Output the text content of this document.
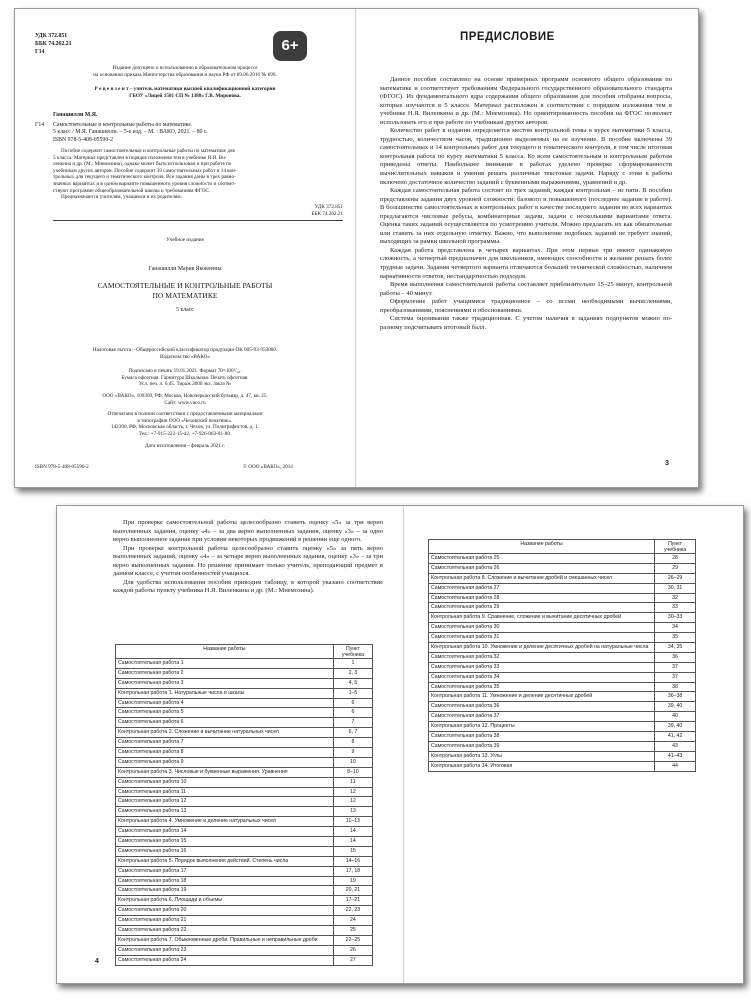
УДК 372.851
ББК 74.262.21
Г14	6+
Издание допущено к использованию в образовательном процессе
на основании приказа Министерства образования и науки РФ от 09.06.2016 № 699.
Р е ц е н з е н т – учитель математики высшей квалификационной категории
ГБОУ «Лицей 1501 СП № 1388» Г.В. Миронова.
Ганашилли М.Я.
Г14 Самостоятельные и контрольные работы по математике.
5 класс / М.Я. Ганашилли. – 5-е изд. – М. : ВАКО, 2021. – 80 с.
ISBN 978-5-408-05590-2
Пособие содержит самостоятельные и контрольные работы по математике для
5 класса. Материал представлен в порядке изложения тем в учебнике Н.Я. Ви-
ленкина и др. (М.: Мнемозина), однако может быть использован и при работе по
учебникам других авторов. Пособие содержит 39 самостоятельных работ и 14 кон-
трольных для текущего и тематического контроля. Все задания даны в трех равно-
значных вариантах и в одном варианте повышенного уровня сложности и соответ-
ствуют программе общеобразовательной школы и требованиям ФГОС.
Предназначается учителям, учащимся и их родителям.
УДК 372.851
ББК 74.262.21
Учебное издание
Ганашилли Мария Яковлевна
САМОСТОЯТЕЛЬНЫЕ И КОНТРОЛЬНЫЕ РАБОТЫ
ПО МАТЕМАТИКЕ
5 класс
Налоговая льгота – Общероссийский классификатор продукции ОК 005-93-953000.
Издательство «ВАКО»
Подписано в печать 19.01.2021. Формат 70×100¹/₁₆.
Бумага офсетная. Гарнитура Школьная. Печать офсетная.
Усл. печ. л. 6,45. Тираж 2000 экз. Заказ №
ООО «ВАКО». 109369, РФ, Москва, Новочеркасский бульвар, д. 47, кв. 25.
Сайт: www.vaco.ru
Отпечатано в полном соответствии с предоставленными материалами
в типографии ООО «Чеховский печатник».
142300, РФ, Московская область, г. Чехов, ул. Полиграфистов, д. 1.
Тел.: +7-915-222-15-42, +7-926-063-81-80.
Дата изготовления – февраль 2021 г.
ISBN 978-5-408-05590-2	© ООО «ВАКО», 2014
ПРЕДИСЛОВИЕ

Данное пособие составлено на основе примерных программ основного общего образования по математике и соответствует требованиям Федерального государственного образовательного стандарта (ФГОС). Из фундаментального ядра содержания общего образования для пособия отобраны вопросы, которые изучаются в 5 классе. Материал расположен в соответствии с порядком изложения тем в учебнике Н.Я. Виленкина и др. (М.: Мнемозина). Но ориентированность пособия на ФГОС позволяет использовать его и при работе по учебникам других авторов.

Количество работ в издании определяется местом контрольной темы в курсе математики 5 класса, трудностью, количеством часов, традиционно выделяемых на ее изучение. В пособие включены 39 самостоятельных и 14 контрольных работ для текущего и тематического контроля, в том числе итоговая контрольная работа по курсу математики 5 класса. Ко всем самостоятельным и контрольным работам приведены ответы. Наибольшее внимание в работах уделено проверке сформированности вычислительных навыков и умения решать различные текстовые задачи. Наряду с этим в работы включено достаточное количество заданий с буквенными выражениями, уравнений и др.

Каждая самостоятельная работа состоит из трех заданий, каждая контрольная – из пяти. В пособии представлены задания двух уровней сложности: базового и повышенного (последнее задание в работе). В большинстве самостоятельных и контрольных работ в качестве последнего задания во всех вариантах предлагаются числовые ребусы, комбинаторные задачи, задачи с несколькими вариантами ответа. Оценка таких заданий осуществляется по усмотрению учителя. Можно предлагать их как обязательные или ставить за них отдельную отметку. Важно, что выполнение подобных заданий не требует знаний, выходящих за рамки школьной программы.

Каждая работа представлена в четырех вариантах. При этом первые три имеют одинаковую сложность, а четвертый предназначен для школьников, имеющих способности и желание решать более трудные задачи. Задания четвертого варианта отличаются большей технической сложностью, наличием вариативности ответов, нестандартностью подходов.

Время выполнения самостоятельной работы составляет приблизительно 15–25 минут, контрольной работы – 40 минут.

Оформление работ учащимися традиционное – со всеми необходимыми вычислениями, преобразованиями, пояснениями и обоснованиями.

Система оценивания также традиционная. С учетом наличия в заданиях подпунктов можно по-разному подсчитывать итоговый балл.

3

При проверке самостоятельной работы целесообразно ставить оценку «5» за три верно выполненных задания, оценку «4» – за два верно выполненных задания, оценку «3» – за одно верно выполненное задание при условии некоторых продвижений в решении еще одного.

При проверке контрольной работы целесообразно ставить оценку «5» за пять верно выполненных заданий, оценку «4» – за четыре верно выполненных задания, оценку «3» – за три верно выполненных задания. Но решение принимает только учитель, преподающий предмет в данном классе, с учетом особенностей учащихся.

Для удобства использования пособия приводим таблицу, в которой указано соответствие каждой работы пункту учебника Н.Я. Виленкина и др. (М.: Мнемозина).

Название работы	Пункт учебника
Самостоятельная работа 1	1
Самостоятельная работа 2	2, 3
Самостоятельная работа 3	4, 5
Контрольная работа 1. Натуральные числа и шкалы	1–5
Самостоятельная работа 4	6
Самостоятельная работа 5	6
Самостоятельная работа 6	7
Контрольная работа 2. Сложение и вычитание натуральных чисел	6, 7
Самостоятельная работа 7	8
Самостоятельная работа 8	9
Самостоятельная работа 9	10
Контрольная работа 3. Числовые и буквенные выражения. Уравнения	8–10
Самостоятельная работа 10	11
Самостоятельная работа 11	12
Самостоятельная работа 12	12
Самостоятельная работа 13	13
Контрольная работа 4. Умножение и деление натуральных чисел	11–13
Самостоятельная работа 14	14
Самостоятельная работа 15	14
Самостоятельная работа 16	15
Контрольная работа 5. Порядок выполнения действий. Степень числа	14–16
Самостоятельная работа 17	17, 18
Самостоятельная работа 18	19
Самостоятельная работа 19	20, 21
Контрольная работа 6. Площади и объемы	17–21
Самостоятельная работа 20	22, 23
Самостоятельная работа 21	24
Самостоятельная работа 22	25
Контрольная работа 7. Обыкновенные дроби. Правильные и неправильные дроби	22–25
Самостоятельная работа 23	26
Самостоятельная работа 24	27
4
Название работы	Пункт учебника
Самостоятельная работа 25	28
Самостоятельная работа 26	29
Контрольная работа 8. Сложение и вычитание дробей и смешанных чисел	26–29
Самостоятельная работа 27	30, 31
Самостоятельная работа 28	32
Самостоятельная работа 29	33
Контрольная работа 9. Сравнение, сложение и вычитание десятичных дробей	30–33
Самостоятельная работа 30	34
Самостоятельная работа 31	35
Контрольная работа 10. Умножение и деление десятичных дробей на натуральные числа	34, 35
Самостоятельная работа 32	36
Самостоятельная работа 33	37
Самостоятельная работа 34	37
Самостоятельная работа 35	38
Контрольная работа 11. Умножение и деление десятичных дробей	36–38
Самостоятельная работа 36	39, 40
Самостоятельная работа 37	40
Контрольная работа 12. Проценты	39, 40
Самостоятельная работа 38	41, 42
Самостоятельная работа 39	43
Контрольная работа 13. Углы	41–43
Контрольная работа 14. Итоговая	44
